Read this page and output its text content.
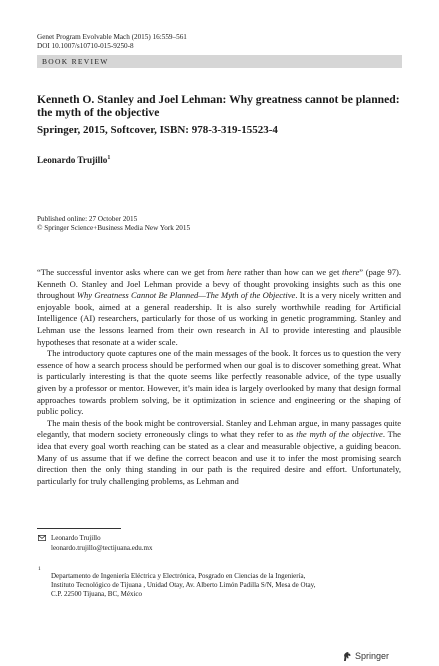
Genet Program Evolvable Mach (2015) 16:559–561
DOI 10.1007/s10710-015-9250-8
BOOK REVIEW
Kenneth O. Stanley and Joel Lehman: Why greatness cannot be planned: the myth of the objective
Springer, 2015, Softcover, ISBN: 978-3-319-15523-4
Leonardo Trujillo$^1$
Published online: 27 October 2015
© Springer Science+Business Media New York 2015

“The successful inventor asks where can we get from here rather than how can we get there” (page 97). Kenneth O. Stanley and Joel Lehman provide a bevy of thought provoking insights such as this one throughout Why Greatness Cannot Be Planned—The Myth of the Objective. It is a very nicely written and enjoyable book, aimed at a general readership. It is also surely worthwhile reading for Artificial Intelligence (AI) researchers, particularly for those of us working in genetic programming. Stanley and Lehman use the lessons learned from their own research in AI to provide interesting and plausible hypotheses that resonate at a wider scale.

The introductory quote captures one of the main messages of the book. It forces us to question the very essence of how a search process should be performed when our goal is to discover something great. What is particularly interesting is that the quote seems like perfectly reasonable advice, of the type usually given by a professor or mentor. However, it’s main idea is largely overlooked by many that design formal approaches towards problem solving, be it optimization in science and engineering or the shaping of public policy.

The main thesis of the book might be controversial. Stanley and Lehman argue, in many passages quite elegantly, that modern society erroneously clings to what they refer to as the myth of the objective. The idea that every goal worth reaching can be stated as a clear and measurable objective, a guiding beacon. Many of us assume that if we define the correct beacon and use it to infer the most promising search direction then the only thing standing in our path is the required desire and effort. Unfortunately, particularly for truly challenging problems, as Lehman and

Leonardo Trujillo
leonardo.trujillo@tectijuana.edu.mx
1
Departamento de Ingeniería Eléctrica y Electrónica, Posgrado en Ciencias de la Ingeniería,
Instituto Tecnológico de Tijuana , Unidad Otay, Av. Alberto Limón Padilla S/N, Mesa de Otay,
C.P. 22500 Tijuana, BC, México
Springer
